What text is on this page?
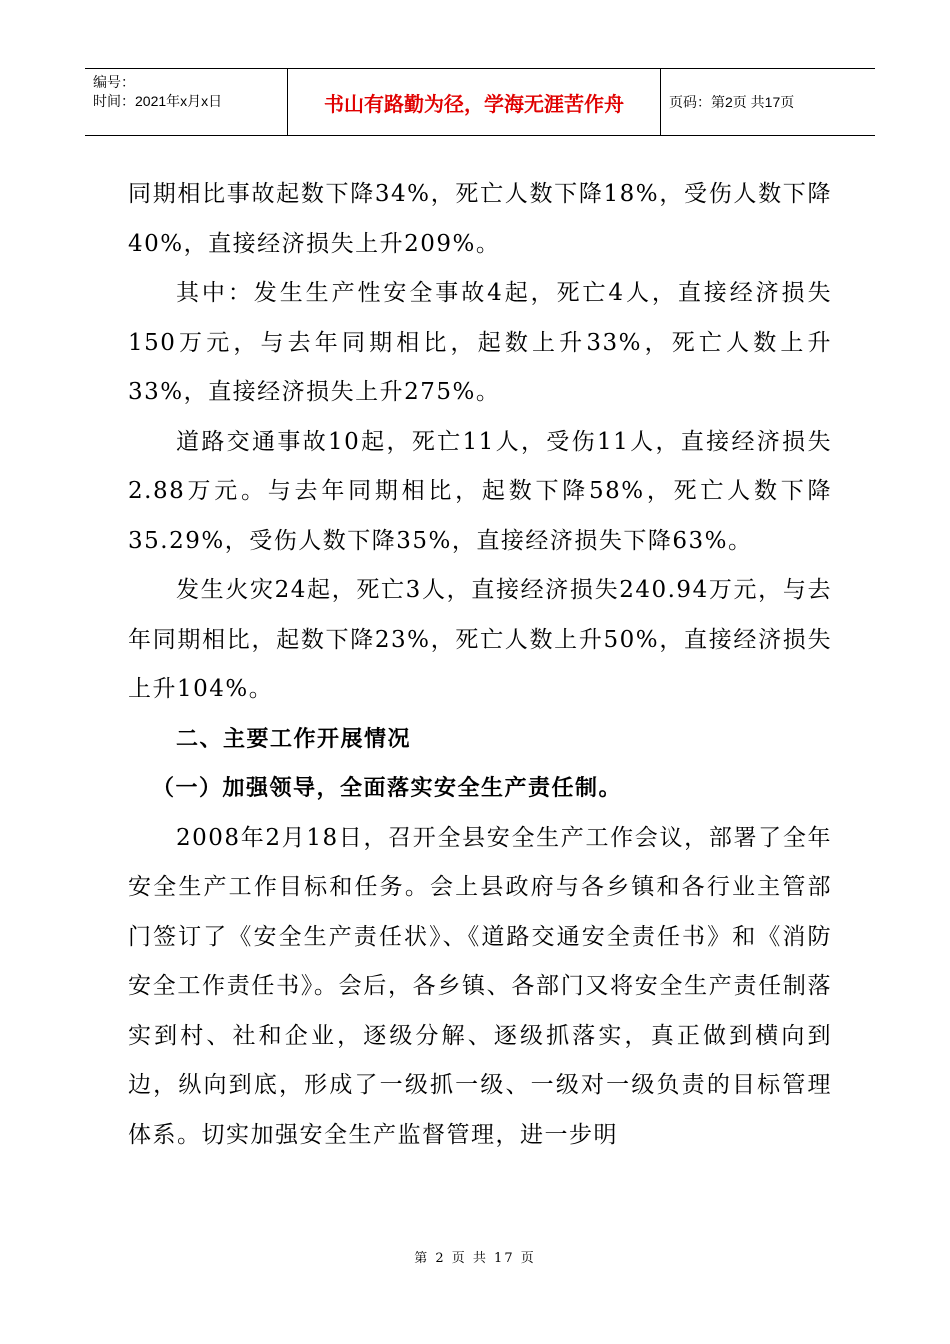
编号：
时间：2021年x月x日	书山有路勤为径，学海无涯苦作舟	页码：第2页 共17页

同期相比事故起数下降34%，死亡人数下降18%，受伤人数下降40%，直接经济损失上升209%。

其中：发生生产性安全事故4起，死亡4人，直接经济损失150万元，与去年同期相比，起数上升33%，死亡人数上升33%，直接经济损失上升275%。

道路交通事故10起，死亡11人，受伤11人，直接经济损失2.88万元。与去年同期相比，起数下降58%，死亡人数下降35.29%，受伤人数下降35%，直接经济损失下降63%。

发生火灾24起，死亡3人，直接经济损失240.94万元，与去年同期相比，起数下降23%，死亡人数上升50%，直接经济损失上升104%。

二、主要工作开展情况

（一）加强领导，全面落实安全生产责任制。

2008年2月18日，召开全县安全生产工作会议，部署了全年安全生产工作目标和任务。会上县政府与各乡镇和各行业主管部门签订了《安全生产责任状》、《道路交通安全责任书》和《消防安全工作责任书》。会后，各乡镇、各部门又将安全生产责任制落实到村、社和企业，逐级分解、逐级抓落实，真正做到横向到边，纵向到底，形成了一级抓一级、一级对一级负责的目标管理体系。切实加强安全生产监督管理，进一步明

第 2 页 共 17 页
